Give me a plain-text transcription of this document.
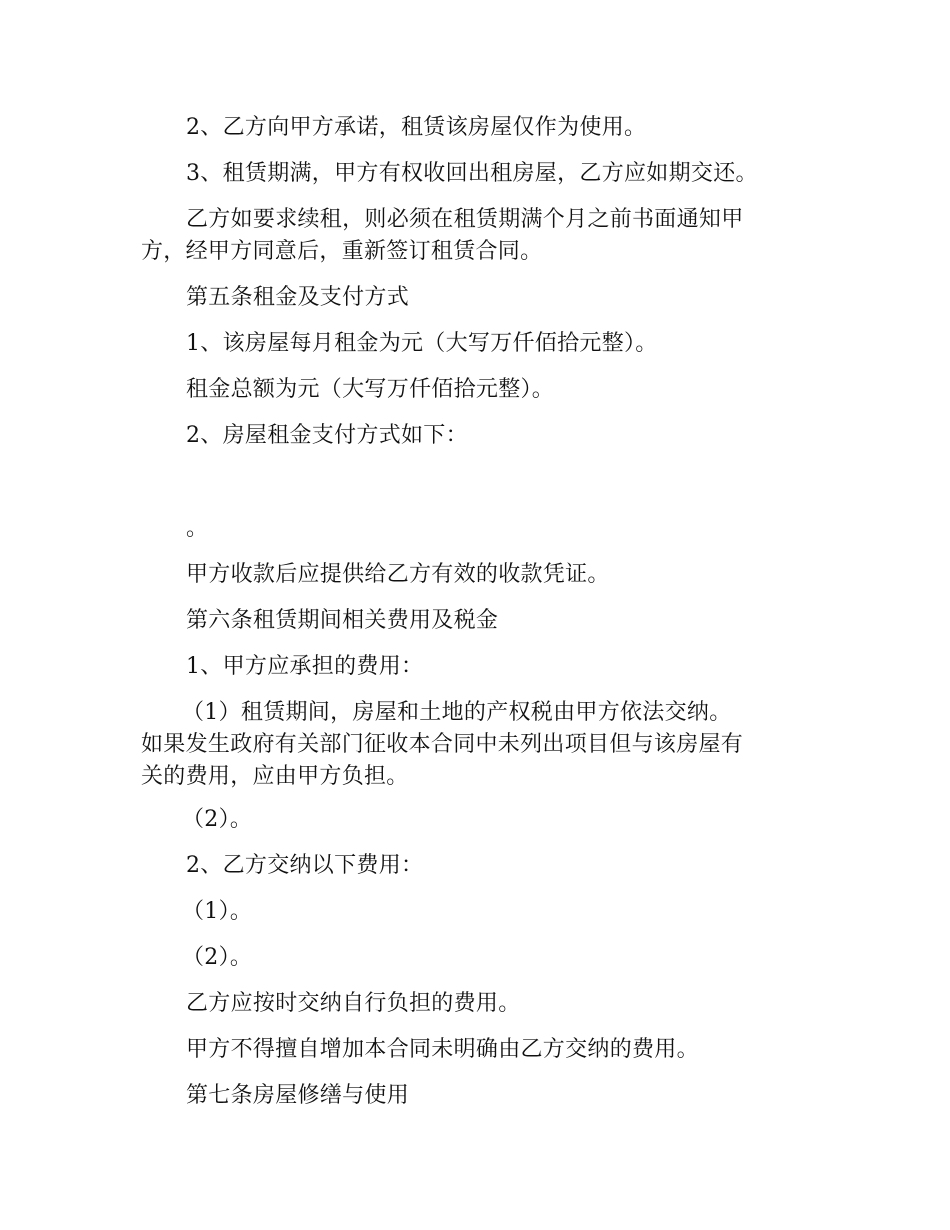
2、乙方向甲方承诺，租赁该房屋仅作为使用。
3、租赁期满，甲方有权收回出租房屋，乙方应如期交还。
乙方如要求续租，则必须在租赁期满个月之前书面通知甲
方，经甲方同意后，重新签订租赁合同。
第五条租金及支付方式
1、该房屋每月租金为元（大写万仟佰拾元整）。
租金总额为元（大写万仟佰拾元整）。
2、房屋租金支付方式如下：
。
甲方收款后应提供给乙方有效的收款凭证。
第六条租赁期间相关费用及税金
1、甲方应承担的费用：
（1）租赁期间，房屋和土地的产权税由甲方依法交纳。
如果发生政府有关部门征收本合同中未列出项目但与该房屋有
关的费用，应由甲方负担。
（2）。
2、乙方交纳以下费用：
（1）。
（2）。
乙方应按时交纳自行负担的费用。
甲方不得擅自增加本合同未明确由乙方交纳的费用。
第七条房屋修缮与使用
